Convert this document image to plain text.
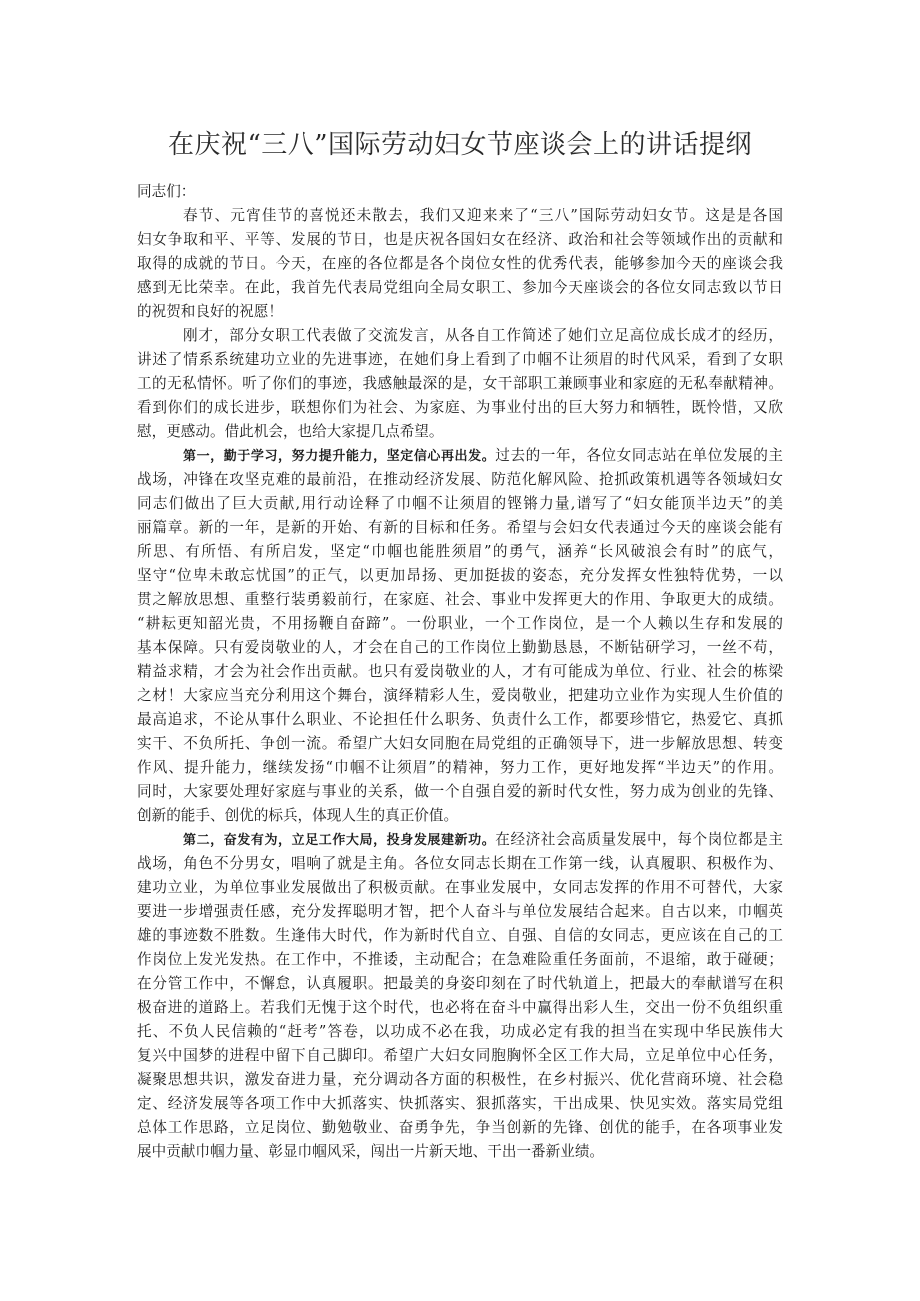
在庆祝“三八”国际劳动妇女节座谈会上的讲话提纲
同志们：
春节、元宵佳节的喜悦还未散去，我们又迎来来了“三八”国际劳动妇女节。这是是各国
妇女争取和平、平等、发展的节日，也是庆祝各国妇女在经济、政治和社会等领域作出的贡献和
取得的成就的节日。今天，在座的各位都是各个岗位女性的优秀代表，能够参加今天的座谈会我
感到无比荣幸。在此，我首先代表局党组向全局女职工、参加今天座谈会的各位女同志致以节日
的祝贺和良好的祝愿！
刚才，部分女职工代表做了交流发言，从各自工作简述了她们立足高位成长成才的经历，
讲述了情系系统建功立业的先进事迹，在她们身上看到了巾帼不让须眉的时代风采，看到了女职
工的无私情怀。听了你们的事迹，我感触最深的是，女干部职工兼顾事业和家庭的无私奉献精神。
看到你们的成长进步，联想你们为社会、为家庭、为事业付出的巨大努力和牺牲，既怜惜，又欣
慰，更感动。借此机会，也给大家提几点希望。
第一，勤于学习，努力提升能力，坚定信心再出发。过去的一年，各位女同志站在单位发展的主
战场，冲锋在攻坚克难的最前沿，在推动经济发展、防范化解风险、抢抓政策机遇等各领域妇女
同志们做出了巨大贡献,用行动诠释了巾帼不让须眉的铿锵力量,谱写了“妇女能顶半边天”的美
丽篇章。新的一年，是新的开始、有新的目标和任务。希望与会妇女代表通过今天的座谈会能有
所思、有所悟、有所启发，坚定“巾帼也能胜须眉”的勇气，涵养“长风破浪会有时”的底气，
坚守“位卑未敢忘忧国”的正气，以更加昂扬、更加挺拔的姿态，充分发挥女性独特优势，一以
贯之解放思想、重整行装勇毅前行，在家庭、社会、事业中发挥更大的作用、争取更大的成绩。
“耕耘更知韶光贵，不用扬鞭自奋蹄”。一份职业，一个工作岗位，是一个人赖以生存和发展的
基本保障。只有爱岗敬业的人，才会在自己的工作岗位上勤勤恳恳，不断钻研学习，一丝不苟，
精益求精，才会为社会作出贡献。也只有爱岗敬业的人，才有可能成为单位、行业、社会的栋梁
之材！大家应当充分利用这个舞台，演绎精彩人生，爱岗敬业，把建功立业作为实现人生价值的
最高追求，不论从事什么职业、不论担任什么职务、负责什么工作，都要珍惜它，热爱它、真抓
实干、不负所托、争创一流。希望广大妇女同胞在局党组的正确领导下，进一步解放思想、转变
作风、提升能力，继续发扬“巾帼不让须眉”的精神，努力工作，更好地发挥“半边天”的作用。
同时，大家要处理好家庭与事业的关系，做一个自强自爱的新时代女性，努力成为创业的先锋、
创新的能手、创优的标兵，体现人生的真正价值。
第二，奋发有为，立足工作大局，投身发展建新功。在经济社会高质量发展中，每个岗位都是主
战场，角色不分男女，唱响了就是主角。各位女同志长期在工作第一线，认真履职、积极作为、
建功立业，为单位事业发展做出了积极贡献。在事业发展中，女同志发挥的作用不可替代，大家
要进一步增强责任感，充分发挥聪明才智，把个人奋斗与单位发展结合起来。自古以来，巾帼英
雄的事迹数不胜数。生逢伟大时代，作为新时代自立、自强、自信的女同志，更应该在自己的工
作岗位上发光发热。在工作中，不推诿，主动配合；在急难险重任务面前，不退缩，敢于碰硬；
在分管工作中，不懈怠，认真履职。把最美的身姿印刻在了时代轨道上，把最大的奉献谱写在积
极奋进的道路上。若我们无愧于这个时代，也必将在奋斗中赢得出彩人生，交出一份不负组织重
托、不负人民信赖的“赶考”答卷，以功成不必在我，功成必定有我的担当在实现中华民族伟大
复兴中国梦的进程中留下自己脚印。希望广大妇女同胞胸怀全区工作大局，立足单位中心任务，
凝聚思想共识，激发奋进力量，充分调动各方面的积极性，在乡村振兴、优化营商环境、社会稳
定、经济发展等各项工作中大抓落实、快抓落实、狠抓落实，干出成果、快见实效。落实局党组
总体工作思路，立足岗位、勤勉敬业、奋勇争先，争当创新的先锋、创优的能手，在各项事业发
展中贡献巾帼力量、彰显巾帼风采，闯出一片新天地、干出一番新业绩。
